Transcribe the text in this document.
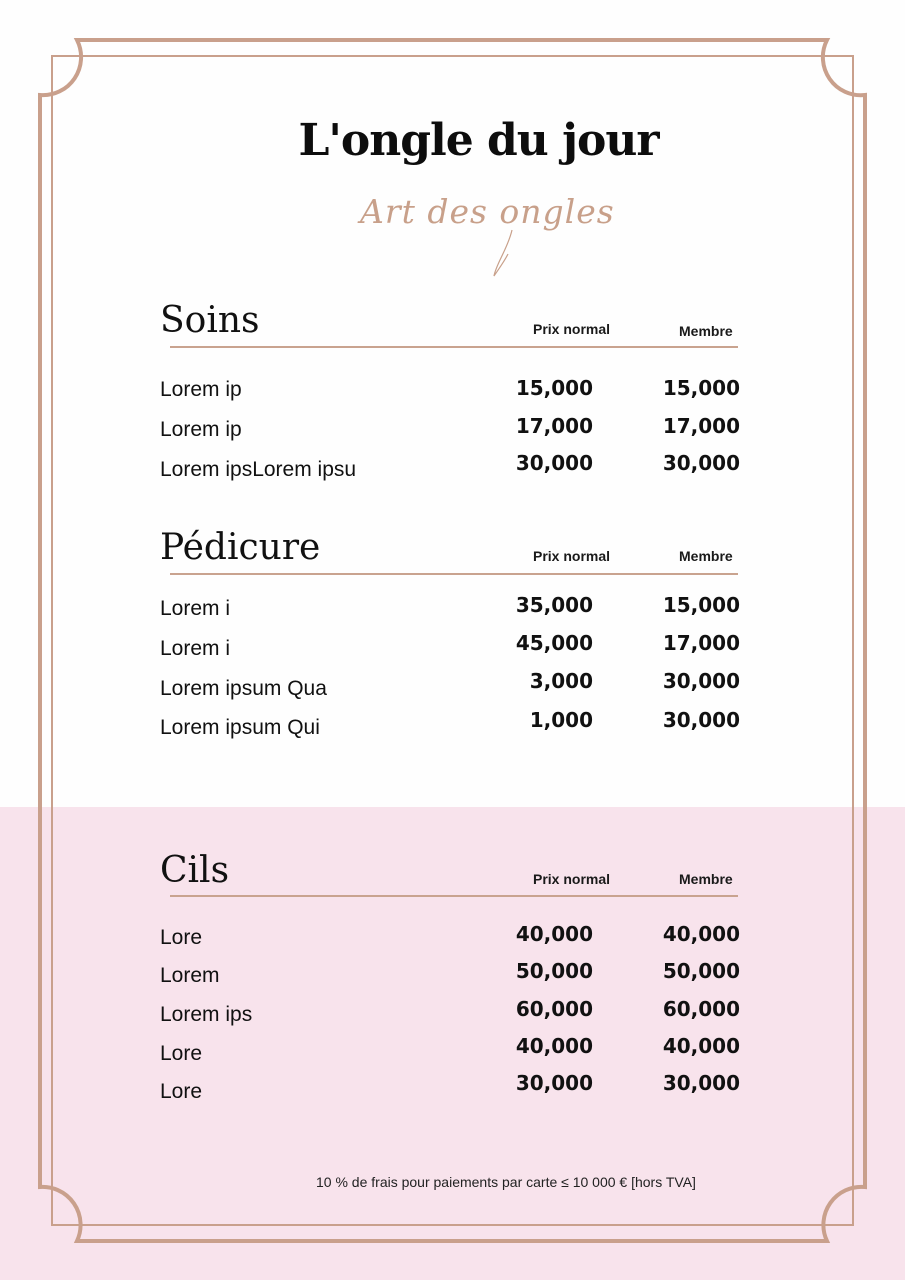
L'ongle du jour
Art des ongles
Soins	Prix normal	Membre
Lorem ip	15,000	15,000
Lorem ip	17,000	17,000
Lorem ipsLorem ipsu	30,000	30,000
Pédicure	Prix normal	Membre
Lorem i	35,000	15,000
Lorem i	45,000	17,000
Lorem ipsum Qua	3,000	30,000
Lorem ipsum Qui	1,000	30,000
Cils	Prix normal	Membre
Lore	40,000	40,000
Lorem	50,000	50,000
Lorem ips	60,000	60,000
Lore	40,000	40,000
Lore	30,000	30,000
10 % de frais pour paiements par carte ≤ 10 000 € [hors TVA]
